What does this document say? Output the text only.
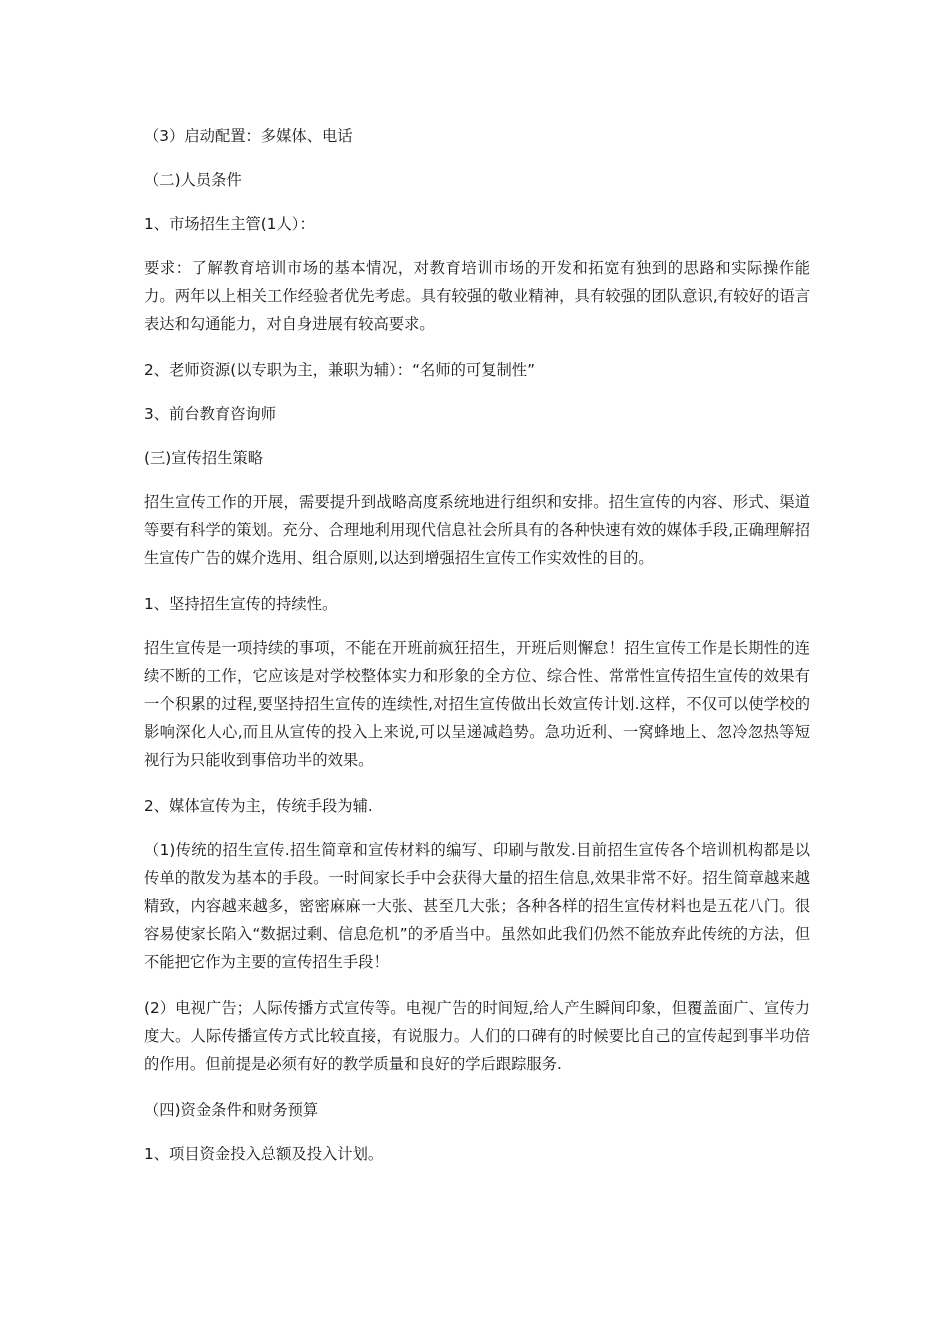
（3）启动配置：多媒体、电话

（二)人员条件

1、市场招生主管(1人）：

要求：了解教育培训市场的基本情况，对教育培训市场的开发和拓宽有独到的思路和实际操作能力。两年以上相关工作经验者优先考虑。具有较强的敬业精神，具有较强的团队意识,有较好的语言表达和勾通能力，对自身进展有较高要求。

2、老师资源(以专职为主，兼职为辅）：“名师的可复制性”

3、前台教育咨询师

(三)宣传招生策略

招生宣传工作的开展，需要提升到战略高度系统地进行组织和安排。招生宣传的内容、形式、渠道等要有科学的策划。充分、合理地利用现代信息社会所具有的各种快速有效的媒体手段,正确理解招生宣传广告的媒介选用、组合原则,以达到增强招生宣传工作实效性的目的。

1、坚持招生宣传的持续性。

招生宣传是一项持续的事项，不能在开班前疯狂招生，开班后则懈怠！招生宣传工作是长期性的连续不断的工作，它应该是对学校整体实力和形象的全方位、综合性、常常性宣传招生宣传的效果有一个积累的过程,要坚持招生宣传的连续性,对招生宣传做出长效宣传计划.这样，不仅可以使学校的影响深化人心,而且从宣传的投入上来说,可以呈递减趋势。急功近利、一窝蜂地上、忽冷忽热等短视行为只能收到事倍功半的效果。

2、媒体宣传为主，传统手段为辅.

（1)传统的招生宣传.招生简章和宣传材料的编写、印刷与散发.目前招生宣传各个培训机构都是以传单的散发为基本的手段。一时间家长手中会获得大量的招生信息,效果非常不好。招生简章越来越精致，内容越来越多，密密麻麻一大张、甚至几大张；各种各样的招生宣传材料也是五花八门。很容易使家长陷入“数据过剩、信息危机”的矛盾当中。虽然如此我们仍然不能放弃此传统的方法，但不能把它作为主要的宣传招生手段！

(2）电视广告；人际传播方式宣传等。电视广告的时间短,给人产生瞬间印象，但覆盖面广、宣传力度大。人际传播宣传方式比较直接，有说服力。人们的口碑有的时候要比自己的宣传起到事半功倍的作用。但前提是必须有好的教学质量和良好的学后跟踪服务.

（四)资金条件和财务预算

1、项目资金投入总额及投入计划。
